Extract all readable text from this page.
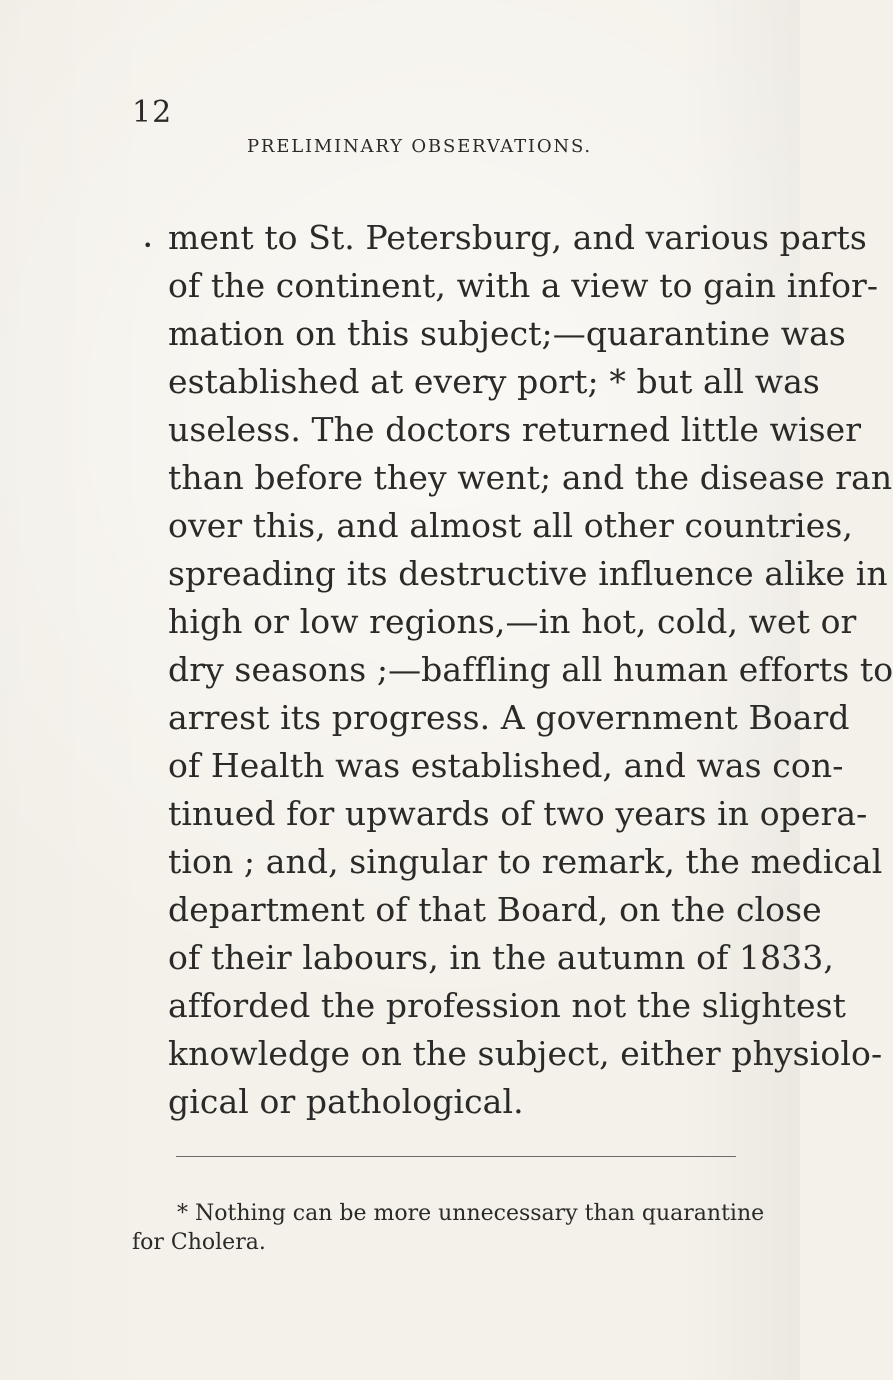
12
PRELIMINARY OBSERVATIONS.
• ment to St. Petersburg, and various parts
of the continent, with a view to gain infor-
mation on this subject;—quarantine was
established at every port; * but all was
useless. The doctors returned little wiser
than before they went; and the disease ran
over this, and almost all other countries,
spreading its destructive influence alike in
high or low regions,—in hot, cold, wet or
dry seasons ;—baffling all human efforts to
arrest its progress. A government Board
of Health was established, and was con-
tinued for upwards of two years in opera-
tion ; and, singular to remark, the medical
department of that Board, on the close
of their labours, in the autumn of 1833,
afforded the profession not the slightest
knowledge on the subject, either physiolo-
gical or pathological.
* Nothing can be more unnecessary than quarantine
for Cholera.
